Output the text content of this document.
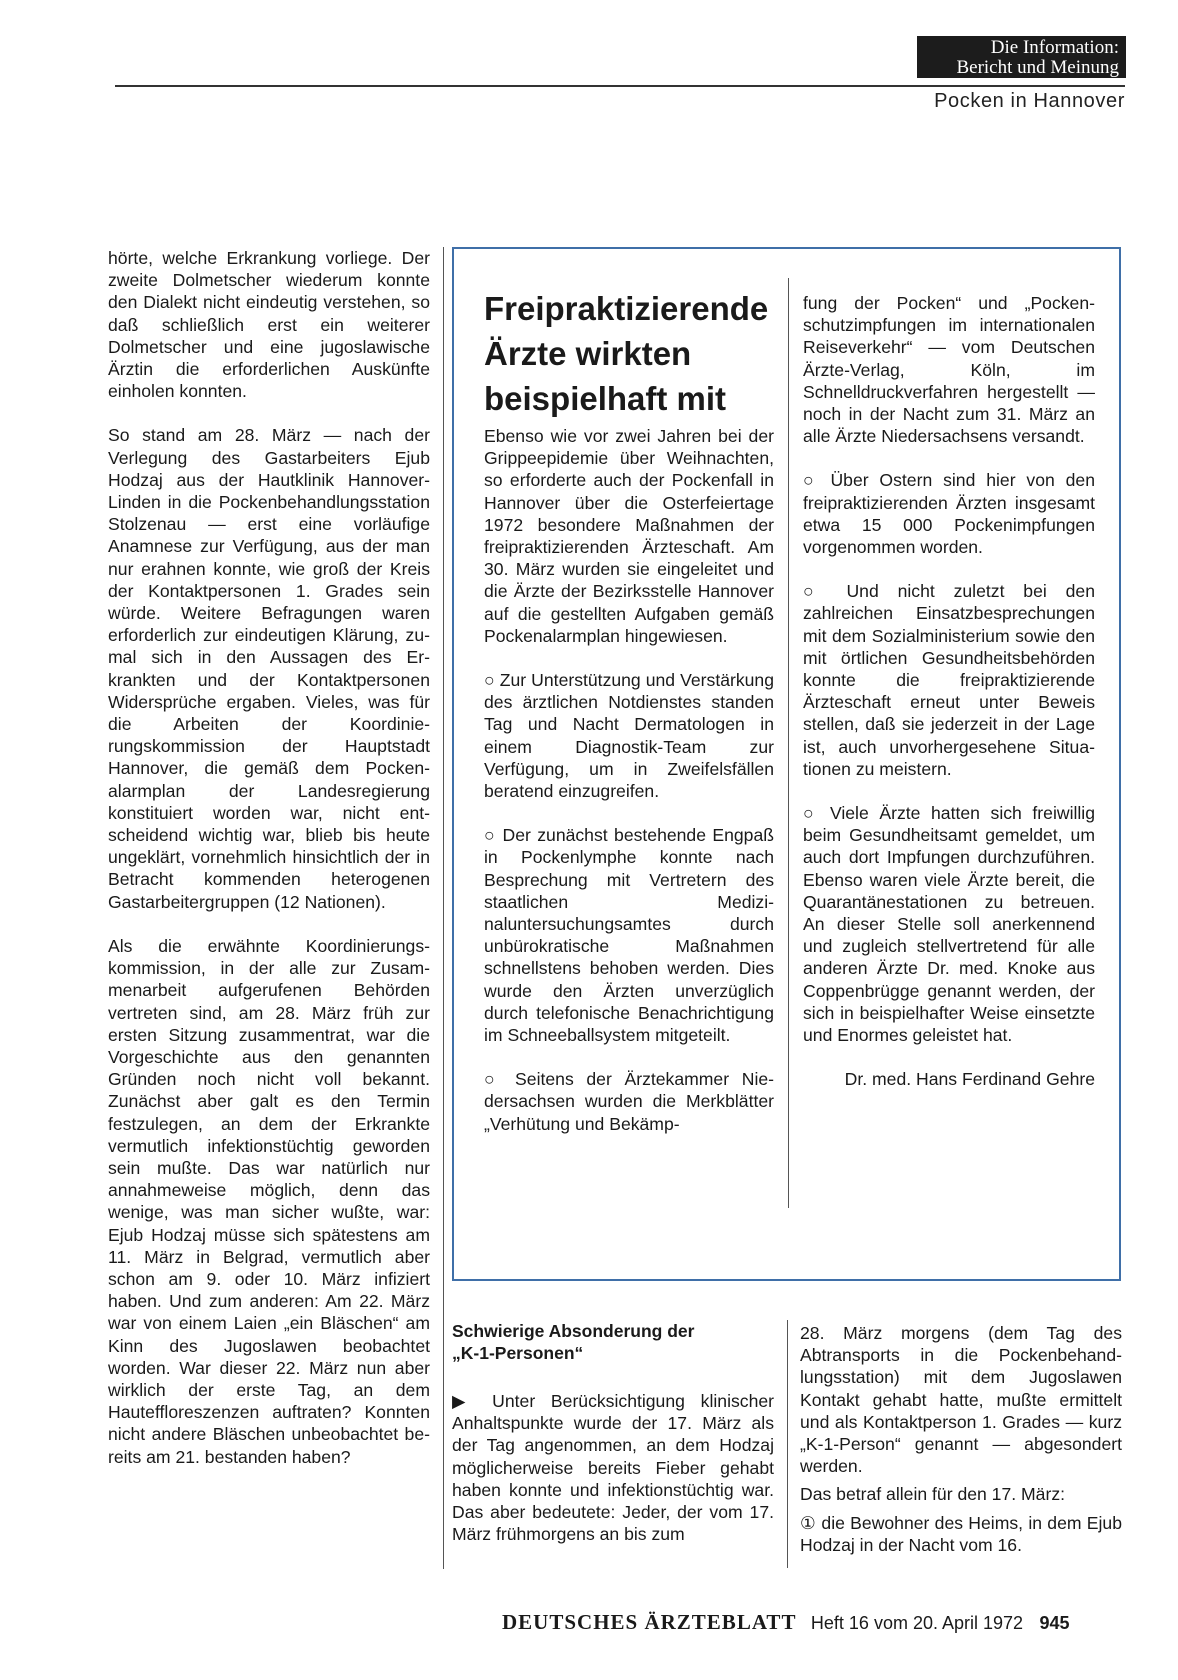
Die Information:
Bericht und Meinung
Pocken in Hannover

hörte, welche Erkrankung vorliege. Der zweite Dolmetscher wiederum konnte den Dialekt nicht eindeutig verstehen, so daß schließlich erst ein weiterer Dolmetscher und eine jugoslawische Ärztin die erforderlichen Auskünfte einholen konnten.

So stand am 28. März — nach der Verlegung des Gastarbeiters Ejub Hodzaj aus der Hautklinik Hannover-Linden in die Pockenbehandlungsstation Stolzenau — erst eine vorläufige Anamnese zur Verfügung, aus der man nur erahnen konnte, wie groß der Kreis der Kontaktpersonen 1. Grades sein würde. Weitere Befragungen waren erforderlich zur eindeutigen Klärung, zumal sich in den Aussagen des Erkrankten und der Kontaktpersonen Widersprüche ergaben. Vieles, was für die Arbeiten der Koordinierungskommission der Hauptstadt Hannover, die gemäß dem Pockenalarmplan der Landesregierung konstituiert worden war, nicht entscheidend wichtig war, blieb bis heute ungeklärt, vornehmlich hinsichtlich der in Betracht kommenden heterogenen Gastarbeitergruppen (12 Nationen).

Als die erwähnte Koordinierungskommission, in der alle zur Zusammenarbeit aufgerufenen Behörden vertreten sind, am 28. März früh zur ersten Sitzung zusammentrat, war die Vorgeschichte aus den genannten Gründen noch nicht voll bekannt. Zunächst aber galt es den Termin festzulegen, an dem der Erkrankte vermutlich infektionstüchtig geworden sein mußte. Das war natürlich nur annahmeweise möglich, denn das wenige, was man sicher wußte, war: Ejub Hodzaj müsse sich spätestens am 11. März in Belgrad, vermutlich aber schon am 9. oder 10. März infiziert haben. Und zum anderen: Am 22. März war von einem Laien „ein Bläschen“ am Kinn des Jugoslawen beobachtet worden. War dieser 22. März nun aber wirklich der erste Tag, an dem Hauteffloreszenzen auftraten? Konnten nicht andere Bläschen unbeobachtet bereits am 21. bestanden haben?

Freipraktizierende Ärzte wirkten beispielhaft mit

Ebenso wie vor zwei Jahren bei der Grippeepidemie über Weihnachten, so erforderte auch der Pockenfall in Hannover über die Osterfeiertage 1972 besondere Maßnahmen der freipraktizierenden Ärzteschaft. Am 30. März wurden sie eingeleitet und die Ärzte der Bezirksstelle Hannover auf die gestellten Aufgaben gemäß Pockenalarmplan hingewiesen.

○ Zur Unterstützung und Verstärkung des ärztlichen Notdienstes standen Tag und Nacht Dermatologen in einem Diagnostik-Team zur Verfügung, um in Zweifelsfällen beratend einzugreifen.

○ Der zunächst bestehende Engpaß in Pockenlymphe konnte nach Besprechung mit Vertretern des staatlichen Medizinaluntersuchungsamtes durch unbürokratische Maßnahmen schnellstens behoben werden. Dies wurde den Ärzten unverzüglich durch telefonische Benachrichtigung im Schneeballsystem mitgeteilt.

○ Seitens der Ärztekammer Niedersachsen wurden die Merkblätter „Verhütung und Bekämp-

fung der Pocken“ und „Pockenschutzimpfungen im internationalen Reiseverkehr“ — vom Deutschen Ärzte-Verlag, Köln, im Schnelldruckverfahren hergestellt — noch in der Nacht zum 31. März an alle Ärzte Niedersachsens versandt.

○ Über Ostern sind hier von den freipraktizierenden Ärzten insgesamt etwa 15 000 Pockenimpfungen vorgenommen worden.

○ Und nicht zuletzt bei den zahlreichen Einsatzbesprechungen mit dem Sozialministerium sowie den mit örtlichen Gesundheitsbehörden konnte die freipraktizierende Ärzteschaft erneut unter Beweis stellen, daß sie jederzeit in der Lage ist, auch unvorhergesehene Situationen zu meistern.

○ Viele Ärzte hatten sich freiwillig beim Gesundheitsamt gemeldet, um auch dort Impfungen durchzuführen. Ebenso waren viele Ärzte bereit, die Quarantänestationen zu betreuen. An dieser Stelle soll anerkennend und zugleich stellvertretend für alle anderen Ärzte Dr. med. Knoke aus Coppenbrügge genannt werden, der sich in beispielhafter Weise einsetzte und Enormes geleistet hat.

Dr. med. Hans Ferdinand Gehre

Schwierige Absonderung der „K-1-Personen“

▶ Unter Berücksichtigung klinischer Anhaltspunkte wurde der 17. März als der Tag angenommen, an dem Hodzaj möglicherweise bereits Fieber gehabt haben konnte und infektionstüchtig war. Das aber bedeutete: Jeder, der vom 17. März frühmorgens an bis zum

28. März morgens (dem Tag des Abtransports in die Pockenbehandlungsstation) mit dem Jugoslawen Kontakt gehabt hatte, mußte ermittelt und als Kontaktperson 1. Grades — kurz „K-1-Person“ genannt — abgesondert werden.

Das betraf allein für den 17. März:

① die Bewohner des Heims, in dem Ejub Hodzaj in der Nacht vom 16.

DEUTSCHES ÄRZTEBLATT Heft 16 vom 20. April 1972 945
